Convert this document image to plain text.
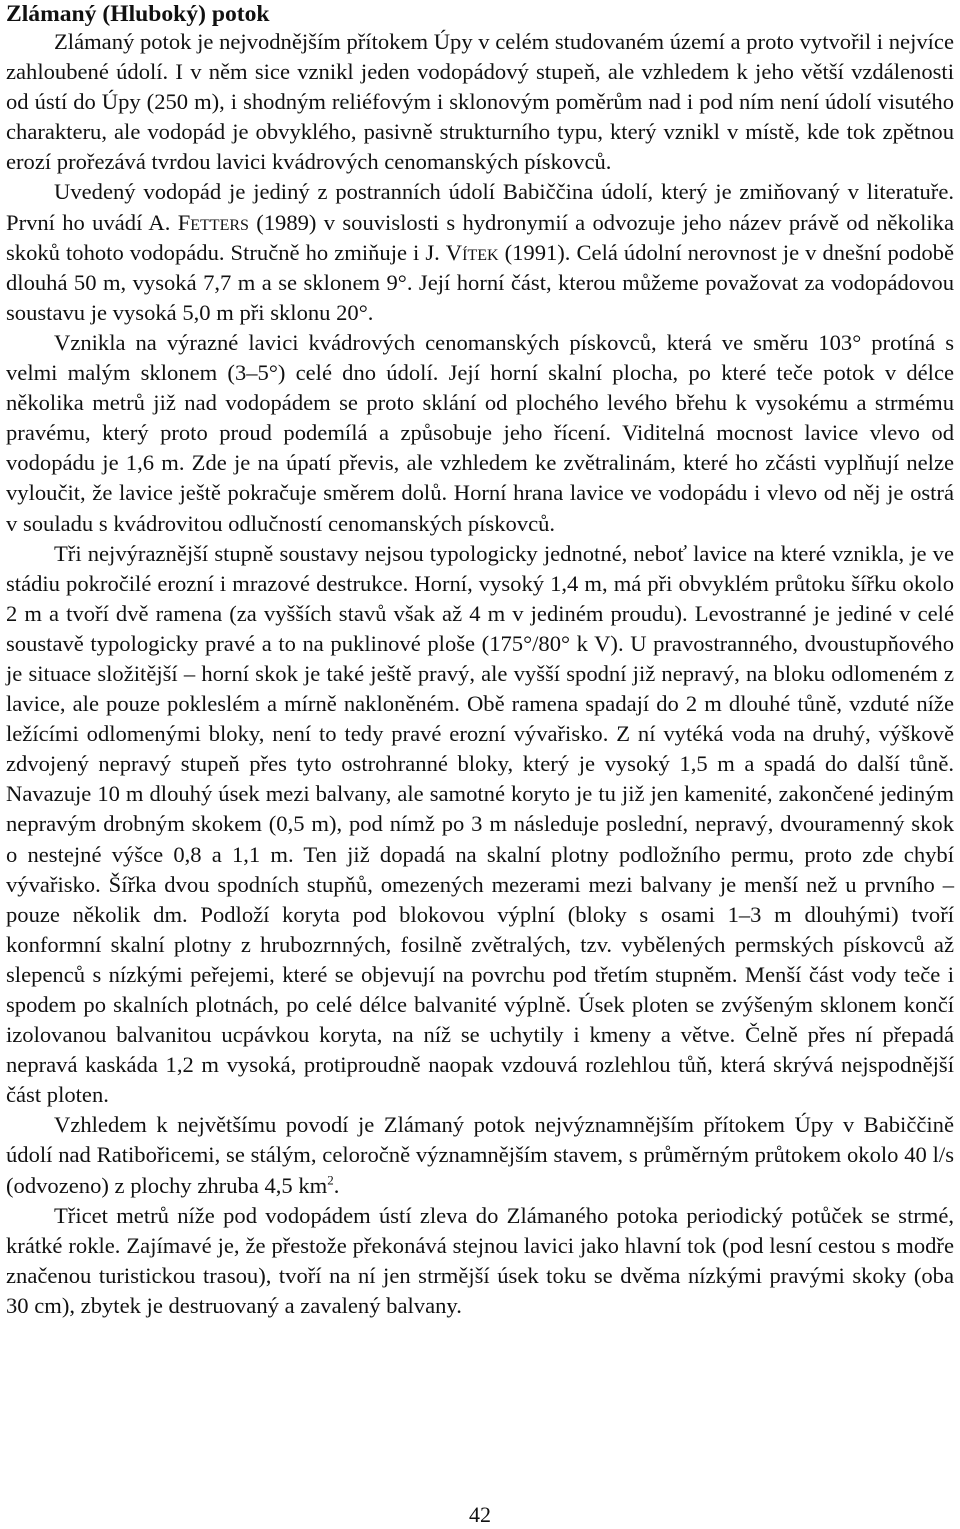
Zlámaný (Hluboký) potok

Zlámaný potok je nejvodnějším přítokem Úpy v celém studovaném území a proto vytvořil i nejvíce zahloubené údolí. I v něm sice vznikl jeden vodopádový stupeň, ale vzhledem k jeho větší vzdálenosti od ústí do Úpy (250 m), i shodným reliéfovým i sklonovým poměrům nad i pod ním není údolí visutého charakteru, ale vodopád je obvyklého, pasivně strukturního typu, který vznikl v místě, kde tok zpětnou erozí prořezává tvrdou lavici kvádrových cenomanských pískovců.

Uvedený vodopád je jediný z postranních údolí Babiččina údolí, který je zmiňovaný v literatuře. První ho uvádí A. Fetters (1989) v souvislosti s hydronymií a odvozuje jeho název právě od několika skoků tohoto vodopádu. Stručně ho zmiňuje i J. Vítek (1991). Celá údolní nerovnost je v dnešní podobě dlouhá 50 m, vysoká 7,7 m a se sklonem 9°. Její horní část, kterou můžeme považovat za vodopádovou soustavu je vysoká 5,0 m při sklonu 20°.

Vznikla na výrazné lavici kvádrových cenomanských pískovců, která ve směru 103° protíná s velmi malým sklonem (3–5°) celé dno údolí. Její horní skalní plocha, po které teče potok v délce několika metrů již nad vodopádem se proto sklání od plochého levého břehu k vysokému a strmému pravému, který proto proud podemílá a způsobuje jeho řícení. Viditelná mocnost lavice vlevo od vodopádu je 1,6 m. Zde je na úpatí převis, ale vzhledem ke zvětralinám, které ho zčásti vyplňují nelze vyloučit, že lavice ještě pokračuje směrem dolů. Horní hrana lavice ve vodopádu i vlevo od něj je ostrá v souladu s kvádrovitou odlučností cenomanských pískovců.

Tři nejvýraznější stupně soustavy nejsou typologicky jednotné, neboť lavice na které vznikla, je ve stádiu pokročilé erozní i mrazové destrukce. Horní, vysoký 1,4 m, má při obvyklém průtoku šířku okolo 2 m a tvoří dvě ramena (za vyšších stavů však až 4 m v jediném proudu). Levostranné je jediné v celé soustavě typologicky pravé a to na puklinové ploše (175°/80° k V). U pravostranného, dvoustupňového je situace složitější – horní skok je také ještě pravý, ale vyšší spodní již nepravý, na bloku odlomeném z lavice, ale pouze pokleslém a mírně nakloněném. Obě ramena spadají do 2 m dlouhé tůně, vzduté níže ležícími odlomenými bloky, není to tedy pravé erozní vývařisko. Z ní vytéká voda na druhý, výškově zdvojený nepravý stupeň přes tyto ostrohranné bloky, který je vysoký 1,5 m a spadá do další tůně. Navazuje 10 m dlouhý úsek mezi balvany, ale samotné koryto je tu již jen kamenité, zakončené jediným nepravým drobným skokem (0,5 m), pod nímž po 3 m následuje poslední, nepravý, dvouramenný skok o nestejné výšce 0,8 a 1,1 m. Ten již dopadá na skalní plotny podložního permu, proto zde chybí vývařisko. Šířka dvou spodních stupňů, omezených mezerami mezi balvany je menší než u prvního – pouze několik dm. Podloží koryta pod blokovou výplní (bloky s osami 1–3 m dlouhými) tvoří konformní skalní plotny z hrubozrnných, fosilně zvětralých, tzv. vybělených permských pískovců až slepenců s nízkými peřejemi, které se objevují na povrchu pod třetím stupněm. Menší část vody teče i spodem po skalních plotnách, po celé délce balvanité výplně. Úsek ploten se zvýšeným sklonem končí izolovanou balvanitou ucpávkou koryta, na níž se uchytily i kmeny a větve. Čelně přes ní přepadá nepravá kaskáda 1,2 m vysoká, protiproudně naopak vzdouvá rozlehlou tůň, která skrývá nejspodnější část ploten.

Vzhledem k největšímu povodí je Zlámaný potok nejvýznamnějším přítokem Úpy v Babiččině údolí nad Ratibořicemi, se stálým, celoročně významnějším stavem, s průměrným průtokem okolo 40 l/s (odvozeno) z plochy zhruba 4,5 $km^2$.

Třicet metrů níže pod vodopádem ústí zleva do Zlámaného potoka periodický potůček se strmé, krátké rokle. Zajímavé je, že přestože překonává stejnou lavici jako hlavní tok (pod lesní cestou s modře značenou turistickou trasou), tvoří na ní jen strmější úsek toku se dvěma nízkými pravými skoky (oba 30 cm), zbytek je destruovaný a zavalený balvany.

42
